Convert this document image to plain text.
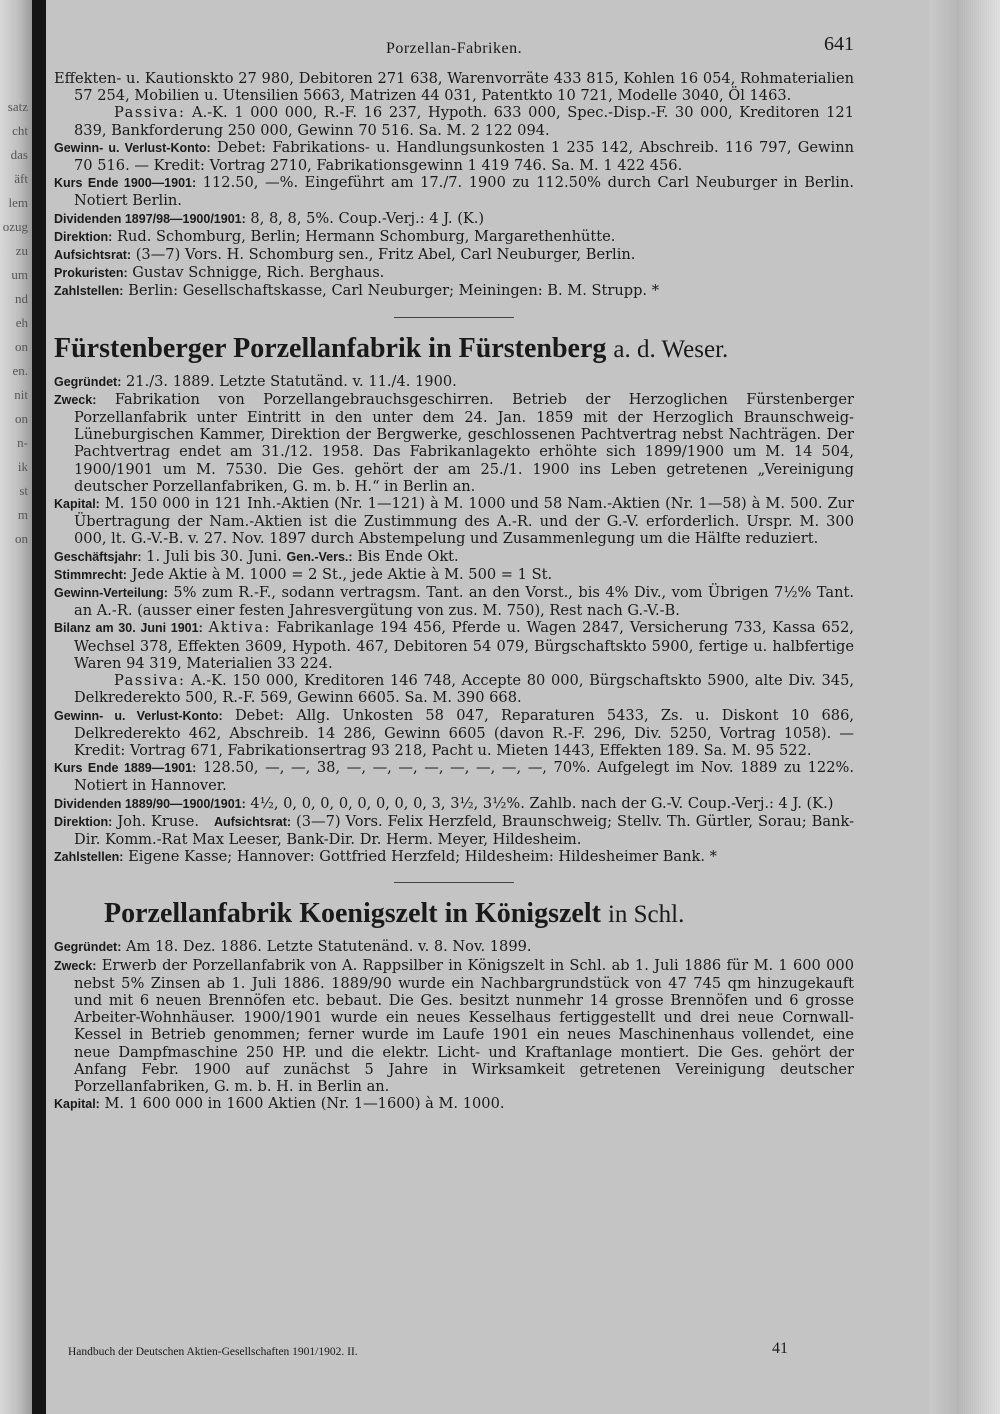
satz
cht
das
äft
lem
ozug
zu
um
nd
eh
on
en.
nit
on
n-
ik
st
m
on
Porzellan-Fabriken.	641

Effekten- u. Kautionskto 27 980, Debitoren 271 638, Warenvorräte 433 815, Kohlen 16 054, Rohmaterialien 57 254, Mobilien u. Utensilien 5663, Matrizen 44 031, Patentkto 10 721, Modelle 3040, Öl 1463.

Passiva: A.-K. 1 000 000, R.-F. 16 237, Hypoth. 633 000, Spec.-Disp.-F. 30 000, Kreditoren 121 839, Bankforderung 250 000, Gewinn 70 516. Sa. M. 2 122 094.

Gewinn- u. Verlust-Konto: Debet: Fabrikations- u. Handlungsunkosten 1 235 142, Abschreib. 116 797, Gewinn 70 516. — Kredit: Vortrag 2710, Fabrikationsgewinn 1 419 746. Sa. M. 1 422 456.

Kurs Ende 1900—1901: 112.50, —%. Eingeführt am 17./7. 1900 zu 112.50% durch Carl Neuburger in Berlin. Notiert Berlin.

Dividenden 1897/98—1900/1901: 8, 8, 8, 5%. Coup.-Verj.: 4 J. (K.)

Direktion: Rud. Schomburg, Berlin; Hermann Schomburg, Margarethenhütte.

Aufsichtsrat: (3—7) Vors. H. Schomburg sen., Fritz Abel, Carl Neuburger, Berlin.

Prokuristen: Gustav Schnigge, Rich. Berghaus.

Zahlstellen: Berlin: Gesellschaftskasse, Carl Neuburger; Meiningen: B. M. Strupp. *

Fürstenberger Porzellanfabrik in Fürstenberg a. d. Weser.

Gegründet: 21./3. 1889. Letzte Statutänd. v. 11./4. 1900.

Zweck: Fabrikation von Porzellangebrauchsgeschirren. Betrieb der Herzoglichen Fürstenberger Porzellanfabrik unter Eintritt in den unter dem 24. Jan. 1859 mit der Herzoglich Braunschweig-Lüneburgischen Kammer, Direktion der Bergwerke, geschlossenen Pachtvertrag nebst Nachträgen. Der Pachtvertrag endet am 31./12. 1958. Das Fabrikanlagekto erhöhte sich 1899/1900 um M. 14 504, 1900/1901 um M. 7530. Die Ges. gehört der am 25./1. 1900 ins Leben getretenen „Vereinigung deutscher Porzellanfabriken, G. m. b. H.“ in Berlin an.

Kapital: M. 150 000 in 121 Inh.-Aktien (Nr. 1—121) à M. 1000 und 58 Nam.-Aktien (Nr. 1—58) à M. 500. Zur Übertragung der Nam.-Aktien ist die Zustimmung des A.-R. und der G.-V. erforderlich. Urspr. M. 300 000, lt. G.-V.-B. v. 27. Nov. 1897 durch Abstempelung und Zusammenlegung um die Hälfte reduziert.

Geschäftsjahr: 1. Juli bis 30. Juni. Gen.-Vers.: Bis Ende Okt.

Stimmrecht: Jede Aktie à M. 1000 = 2 St., jede Aktie à M. 500 = 1 St.

Gewinn-Verteilung: 5% zum R.-F., sodann vertragsm. Tant. an den Vorst., bis 4% Div., vom Übrigen 7½% Tant. an A.-R. (ausser einer festen Jahresvergütung von zus. M. 750), Rest nach G.-V.-B.

Bilanz am 30. Juni 1901: Aktiva: Fabrikanlage 194 456, Pferde u. Wagen 2847, Versicherung 733, Kassa 652, Wechsel 378, Effekten 3609, Hypoth. 467, Debitoren 54 079, Bürgschaftskto 5900, fertige u. halbfertige Waren 94 319, Materialien 33 224.

Passiva: A.-K. 150 000, Kreditoren 146 748, Accepte 80 000, Bürgschaftskto 5900, alte Div. 345, Delkrederekto 500, R.-F. 569, Gewinn 6605. Sa. M. 390 668.

Gewinn- u. Verlust-Konto: Debet: Allg. Unkosten 58 047, Reparaturen 5433, Zs. u. Diskont 10 686, Delkrederekto 462, Abschreib. 14 286, Gewinn 6605 (davon R.-F. 296, Div. 5250, Vortrag 1058). — Kredit: Vortrag 671, Fabrikationsertrag 93 218, Pacht u. Mieten 1443, Effekten 189. Sa. M. 95 522.

Kurs Ende 1889—1901: 128.50, —, —, 38, —, —, —, —, —, —, —, —, 70%. Aufgelegt im Nov. 1889 zu 122%. Notiert in Hannover.

Dividenden 1889/90—1900/1901: 4½, 0, 0, 0, 0, 0, 0, 0, 0, 3, 3½, 3½%. Zahlb. nach der G.-V. Coup.-Verj.: 4 J. (K.)

Direktion: Joh. Kruse. Aufsichtsrat: (3—7) Vors. Felix Herzfeld, Braunschweig; Stellv. Th. Gürtler, Sorau; Bank-Dir. Komm.-Rat Max Leeser, Bank-Dir. Dr. Herm. Meyer, Hildesheim.

Zahlstellen: Eigene Kasse; Hannover: Gottfried Herzfeld; Hildesheim: Hildesheimer Bank. *

Porzellanfabrik Koenigszelt in Königszelt in Schl.

Gegründet: Am 18. Dez. 1886. Letzte Statutenänd. v. 8. Nov. 1899.

Zweck: Erwerb der Porzellanfabrik von A. Rappsilber in Königszelt in Schl. ab 1. Juli 1886 für M. 1 600 000 nebst 5% Zinsen ab 1. Juli 1886. 1889/90 wurde ein Nachbargrundstück von 47 745 qm hinzugekauft und mit 6 neuen Brennöfen etc. bebaut. Die Ges. besitzt nunmehr 14 grosse Brennöfen und 6 grosse Arbeiter-Wohnhäuser. 1900/1901 wurde ein neues Kesselhaus fertiggestellt und drei neue Cornwall-Kessel in Betrieb genommen; ferner wurde im Laufe 1901 ein neues Maschinenhaus vollendet, eine neue Dampfmaschine 250 HP. und die elektr. Licht- und Kraftanlage montiert. Die Ges. gehört der Anfang Febr. 1900 auf zunächst 5 Jahre in Wirksamkeit getretenen Vereinigung deutscher Porzellanfabriken, G. m. b. H. in Berlin an.

Kapital: M. 1 600 000 in 1600 Aktien (Nr. 1—1600) à M. 1000.

Handbuch der Deutschen Aktien-Gesellschaften 1901/1902. II.	41
